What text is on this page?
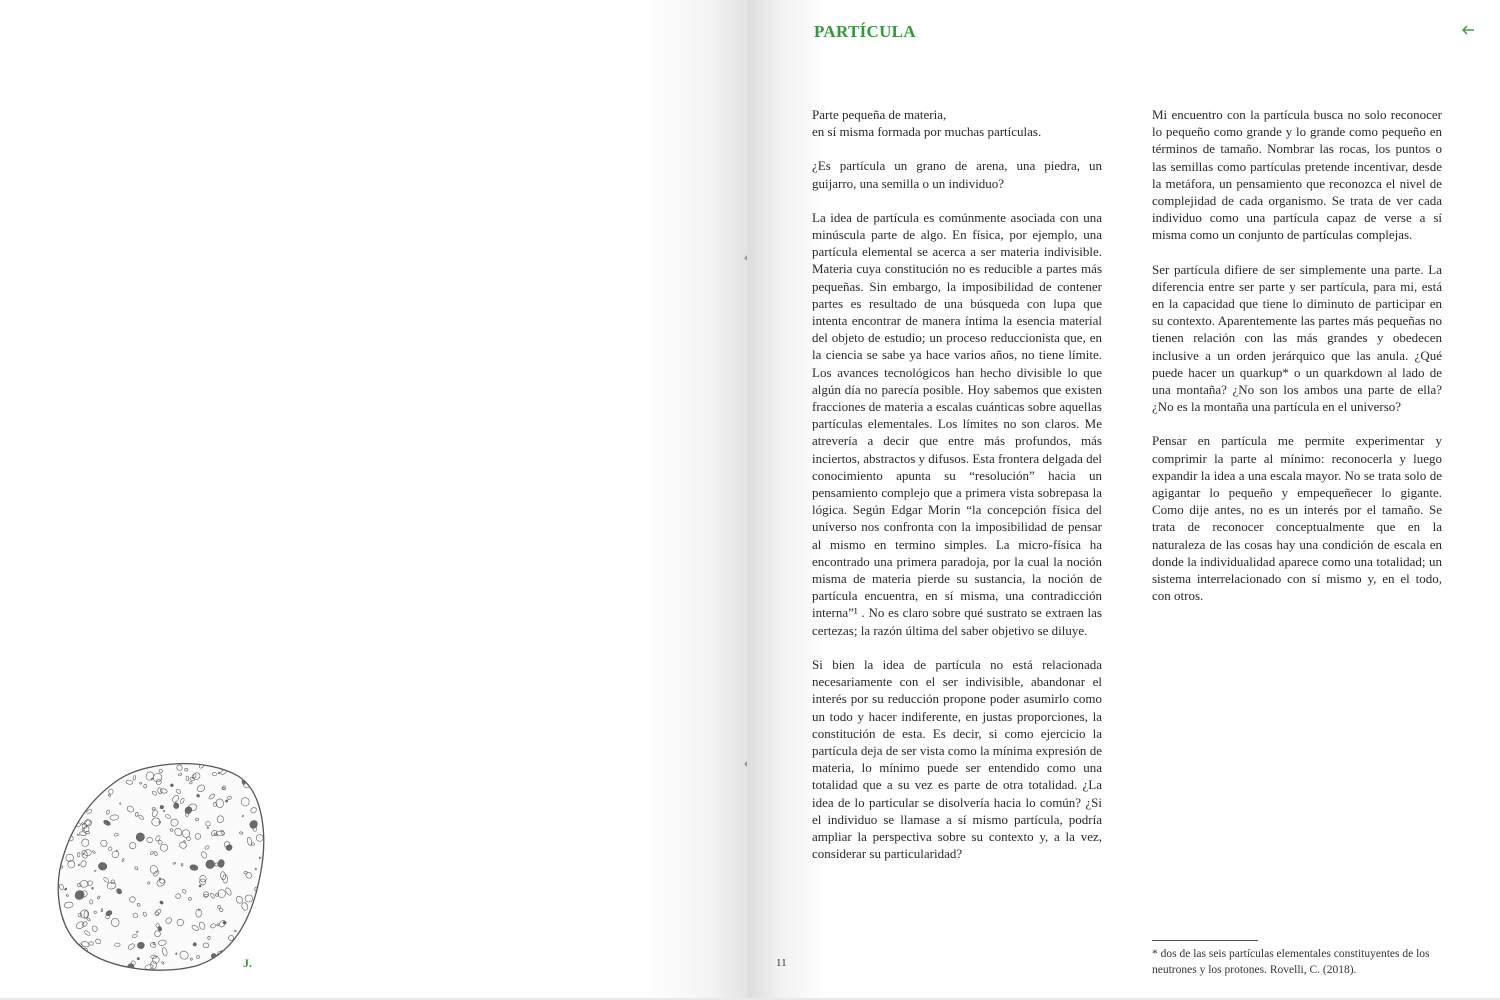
J.
PARTÍCULA

Parte pequeña de materia,
en sí misma formada por muchas partículas.

¿Es partícula un grano de arena, una piedra, un guijarro, una semilla o un individuo?

La idea de partícula es comúnmente asociada con una minúscula parte de algo. En física, por ejemplo, una partícula elemental se acerca a ser materia indivisible. Materia cuya constitución no es reducible a partes más pequeñas. Sin embargo, la imposibilidad de contener partes es resultado de una búsqueda con lupa que intenta encontrar de manera íntima la esencia material del objeto de estudio; un proceso reduccionista que, en la ciencia se sabe ya hace varios años, no tiene límite. Los avances tecnológicos han hecho divisible lo que algún día no parecía posible. Hoy sabemos que existen fracciones de materia a escalas cuánticas sobre aquellas partículas elementales. Los límites no son claros. Me atrevería a decir que entre más profundos, más inciertos, abstractos y difusos. Esta frontera delgada del conocimiento apunta su “resolución” hacia un pensamiento complejo que a primera vista sobrepasa la lógica. Según Edgar Morin “la concepción física del universo nos confronta con la imposibilidad de pensar al mismo en termino simples. La micro-física ha encontrado una primera paradoja, por la cual la noción misma de materia pierde su sustancia, la noción de partícula encuentra, en sí misma, una contradicción interna”¹ . No es claro sobre qué sustrato se extraen las certezas; la razón última del saber objetivo se diluye.

Si bien la idea de partícula no está relacionada necesariamente con el ser indivisible, abandonar el interés por su reducción propone poder asumirlo como un todo y hacer indiferente, en justas proporciones, la constitución de esta. Es decir, si como ejercicio la partícula deja de ser vista como la mínima expresión de materia, lo mínimo puede ser entendido como una totalidad que a su vez es parte de otra totalidad. ¿La idea de lo particular se disolvería hacia lo común? ¿Si el individuo se llamase a sí mismo partícula, podría ampliar la perspectiva sobre su contexto y, a la vez, considerar su particularidad?

Mi encuentro con la partícula busca no solo reconocer lo pequeño como grande y lo grande como pequeño en términos de tamaño. Nombrar las rocas, los puntos o las semillas como partículas pretende incentivar, desde la metáfora, un pensamiento que reconozca el nivel de complejidad de cada organismo. Se trata de ver cada individuo como una partícula capaz de verse a sí misma como un conjunto de partículas complejas.

Ser partícula difiere de ser simplemente una parte. La diferencia entre ser parte y ser partícula, para mi, está en la capacidad que tiene lo diminuto de participar en su contexto. Aparentemente las partes más pequeñas no tienen relación con las más grandes y obedecen inclusive a un orden jerárquico que las anula. ¿Qué puede hacer un quarkup* o un quarkdown al lado de una montaña? ¿No son los ambos una parte de ella? ¿No es la montaña una partícula en el universo?

Pensar en partícula me permite experimentar y comprimir la parte al mínimo: reconocerla y luego expandir la idea a una escala mayor. No se trata solo de agigantar lo pequeño y empequeñecer lo gigante. Como dije antes, no es un interés por el tamaño. Se trata de reconocer conceptualmente que en la naturaleza de las cosas hay una condición de escala en donde la individualidad aparece como una totalidad; un sistema interrelacionado con sí mismo y, en el todo, con otros.

11
* dos de las seis partículas elementales constituyentes de los neutrones y los protones. Rovelli, C. (2018).
